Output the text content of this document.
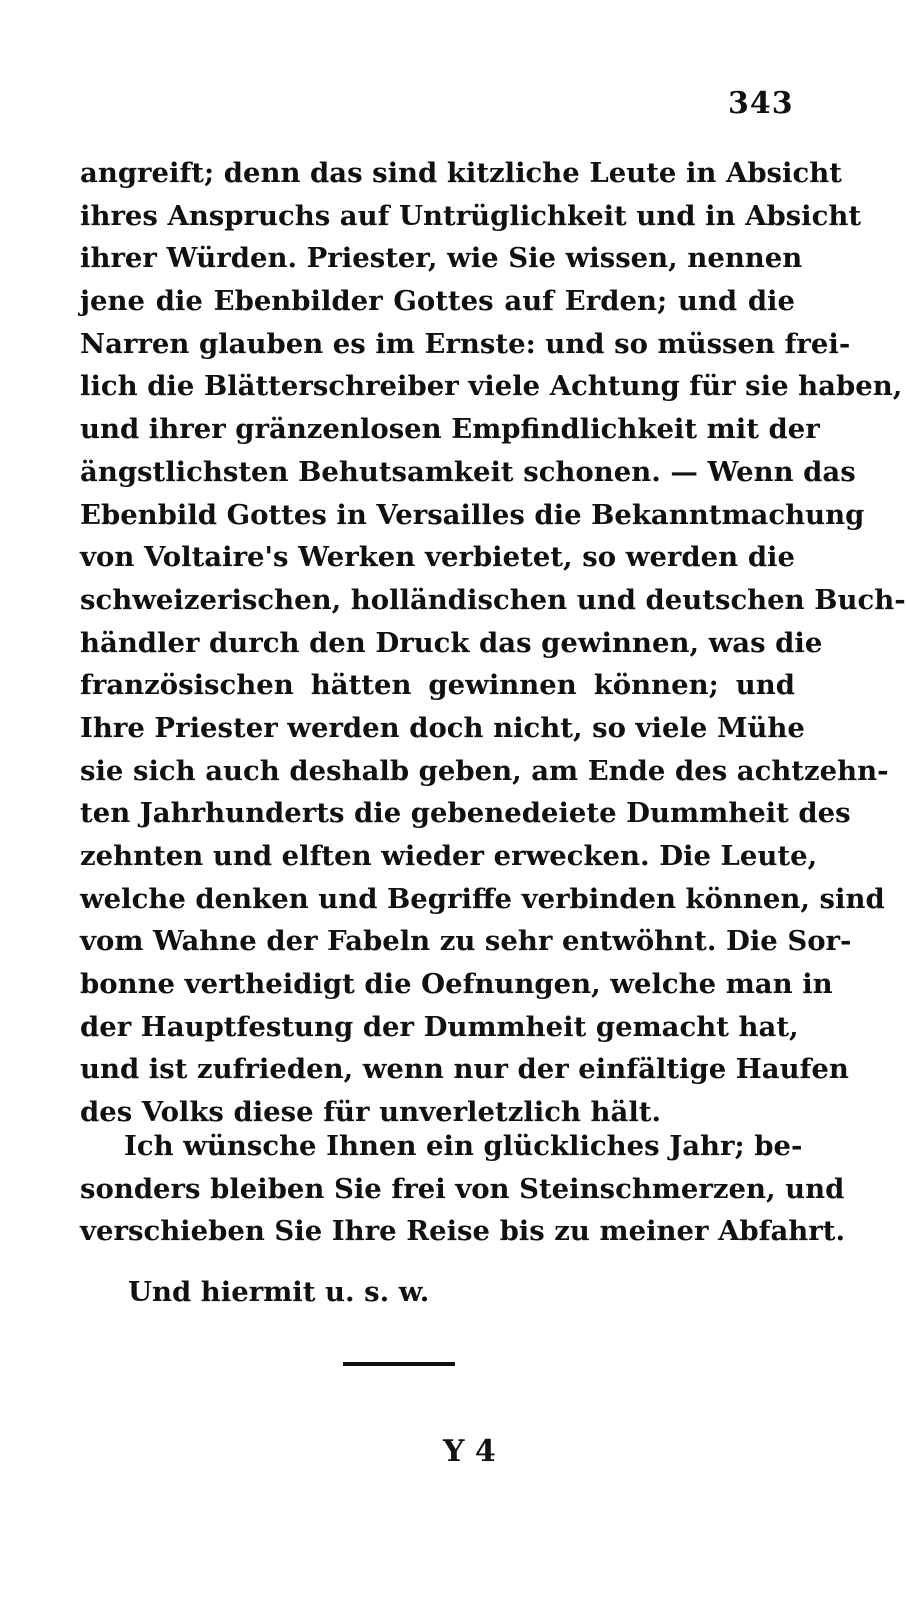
343
angreift; denn das sind kitzliche Leute in Absicht
ihres Anspruchs auf Untrüglichkeit und in Absicht
ihrer Würden. Priester, wie Sie wissen, nennen
jene die Ebenbilder Gottes auf Erden; und die
Narren glauben es im Ernste: und so müssen frei-
lich die Blätterschreiber viele Achtung für sie haben,
und ihrer gränzenlosen Empfindlichkeit mit der
ängstlichsten Behutsamkeit schonen. — Wenn das
Ebenbild Gottes in Versailles die Bekanntmachung
von Voltaire's Werken verbietet, so werden die
schweizerischen, holländischen und deutschen Buch-
händler durch den Druck das gewinnen, was die
französischen hätten gewinnen können; und
Ihre Priester werden doch nicht, so viele Mühe
sie sich auch deshalb geben, am Ende des achtzehn-
ten Jahrhunderts die gebenedeiete Dummheit des
zehnten und elften wieder erwecken. Die Leute,
welche denken und Begriffe verbinden können, sind
vom Wahne der Fabeln zu sehr entwöhnt. Die Sor-
bonne vertheidigt die Oefnungen, welche man in
der Hauptfestung der Dummheit gemacht hat,
und ist zufrieden, wenn nur der einfältige Haufen
des Volks diese für unverletzlich hält.
Ich wünsche Ihnen ein glückliches Jahr; be-
sonders bleiben Sie frei von Steinschmerzen, und
verschieben Sie Ihre Reise bis zu meiner Abfahrt.
Und hiermit u. s. w.
Y 4
